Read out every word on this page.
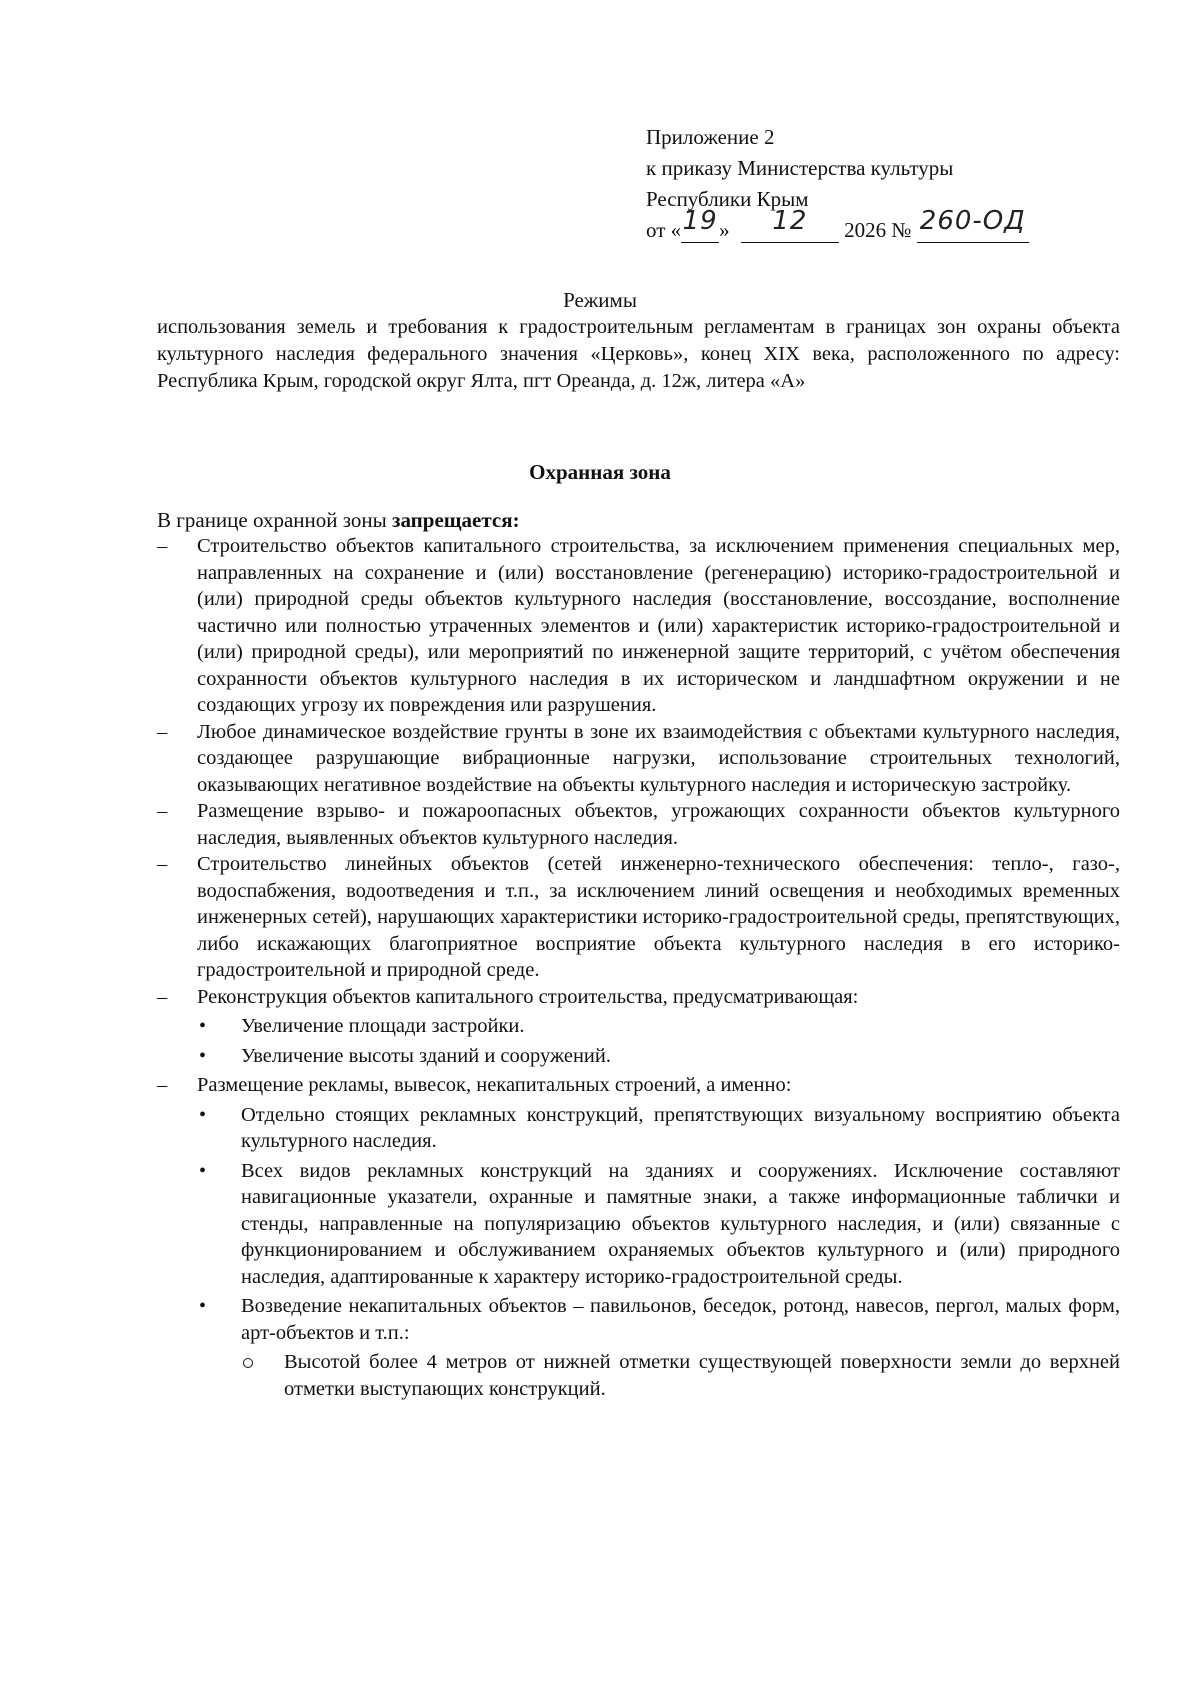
Приложение 2
к приказу Министерства культуры
Республики Крым
от «19» 12 2026 № 260-ОД
Режимы
использования земель и требования к градостроительным регламентам в границах зон охраны объекта культурного наследия федерального значения «Церковь», конец XIX века, расположенного по адресу: Республика Крым, городской округ Ялта, пгт Ореанда, д. 12ж, литера «А»
Охранная зона
В границе охранной зоны запрещается:

–	Строительство объектов капитального строительства, за исключением применения специальных мер, направленных на сохранение и (или) восстановление (регенерацию) историко-градостроительной и (или) природной среды объектов культурного наследия (восстановление, воссоздание, восполнение частично или полностью утраченных элементов и (или) характеристик историко-градостроительной и (или) природной среды), или мероприятий по инженерной защите территорий, с учётом обеспечения сохранности объектов культурного наследия в их историческом и ландшафтном окружении и не создающих угрозу их повреждения или разрушения.

–	Любое динамическое воздействие грунты в зоне их взаимодействия с объектами культурного наследия, создающее разрушающие вибрационные нагрузки, использование строительных технологий, оказывающих негативное воздействие на объекты культурного наследия и историческую застройку.

–	Размещение взрыво- и пожароопасных объектов, угрожающих сохранности объектов культурного наследия, выявленных объектов культурного наследия.

–	Строительство линейных объектов (сетей инженерно-технического обеспечения: тепло-, газо-, водоспабжения, водоотведения и т.п., за исключением линий освещения и необходимых временных инженерных сетей), нарушающих характеристики историко-градостроительной среды, препятствующих, либо искажающих благоприятное восприятие объекта культурного наследия в его историко-градостроительной и природной среде.

–	Реконструкция объектов капитального строительства, предусматривающая:

• Увеличение площади застройки.

• Увеличение высоты зданий и сооружений.

–	Размещение рекламы, вывесок, некапитальных строений, а именно:

• Отдельно стоящих рекламных конструкций, препятствующих визуальному восприятию объекта культурного наследия.

• Всех видов рекламных конструкций на зданиях и сооружениях. Исключение составляют навигационные указатели, охранные и памятные знаки, а также информационные таблички и стенды, направленные на популяризацию объектов культурного наследия, и (или) связанные с функционированием и обслуживанием охраняемых объектов культурного и (или) природного наследия, адаптированные к характеру историко-градостроительной среды.

• Возведение некапитальных объектов – павильонов, беседок, ротонд, навесов, пергол, малых форм, арт-объектов и т.п.:

Высотой более 4 метров от нижней отметки существующей поверхности земли до верхней отметки выступающих конструкций.
